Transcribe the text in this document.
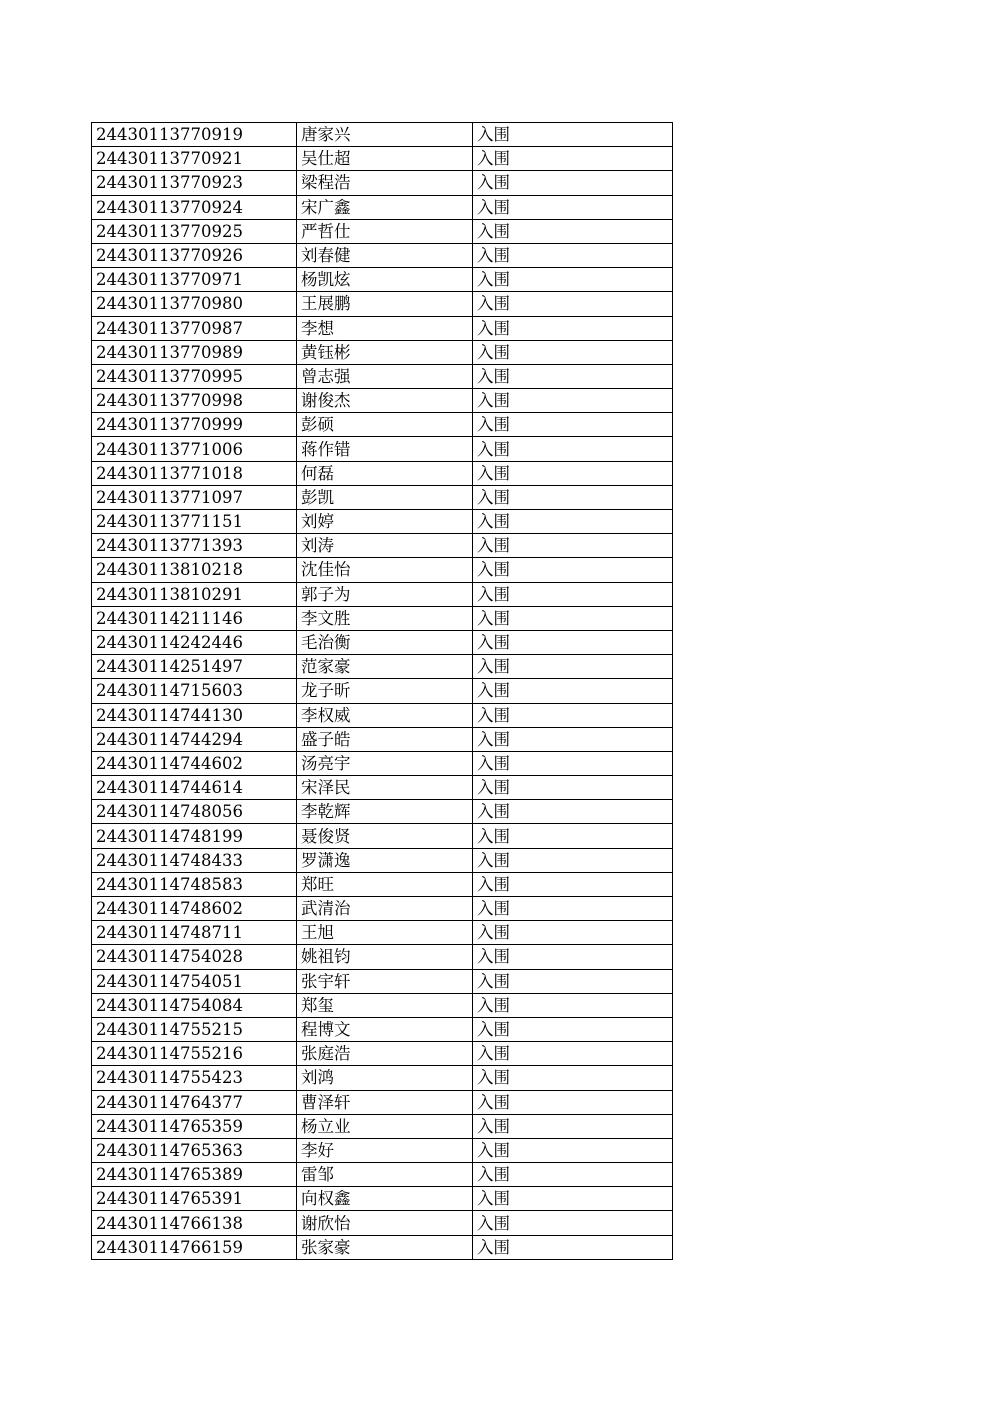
24430113770919	唐家兴	入围
24430113770921	吴仕超	入围
24430113770923	梁程浩	入围
24430113770924	宋广鑫	入围
24430113770925	严哲仕	入围
24430113770926	刘春健	入围
24430113770971	杨凯炫	入围
24430113770980	王展鹏	入围
24430113770987	李想	入围
24430113770989	黄钰彬	入围
24430113770995	曾志强	入围
24430113770998	谢俊杰	入围
24430113770999	彭硕	入围
24430113771006	蒋作错	入围
24430113771018	何磊	入围
24430113771097	彭凯	入围
24430113771151	刘婷	入围
24430113771393	刘涛	入围
24430113810218	沈佳怡	入围
24430113810291	郭子为	入围
24430114211146	李文胜	入围
24430114242446	毛治衡	入围
24430114251497	范家豪	入围
24430114715603	龙子昕	入围
24430114744130	李权威	入围
24430114744294	盛子皓	入围
24430114744602	汤亮宇	入围
24430114744614	宋泽民	入围
24430114748056	李乾辉	入围
24430114748199	聂俊贤	入围
24430114748433	罗潇逸	入围
24430114748583	郑旺	入围
24430114748602	武清治	入围
24430114748711	王旭	入围
24430114754028	姚祖钧	入围
24430114754051	张宇轩	入围
24430114754084	郑玺	入围
24430114755215	程博文	入围
24430114755216	张庭浩	入围
24430114755423	刘鸿	入围
24430114764377	曹泽轩	入围
24430114765359	杨立业	入围
24430114765363	李好	入围
24430114765389	雷邹	入围
24430114765391	向权鑫	入围
24430114766138	谢欣怡	入围
24430114766159	张家豪	入围
